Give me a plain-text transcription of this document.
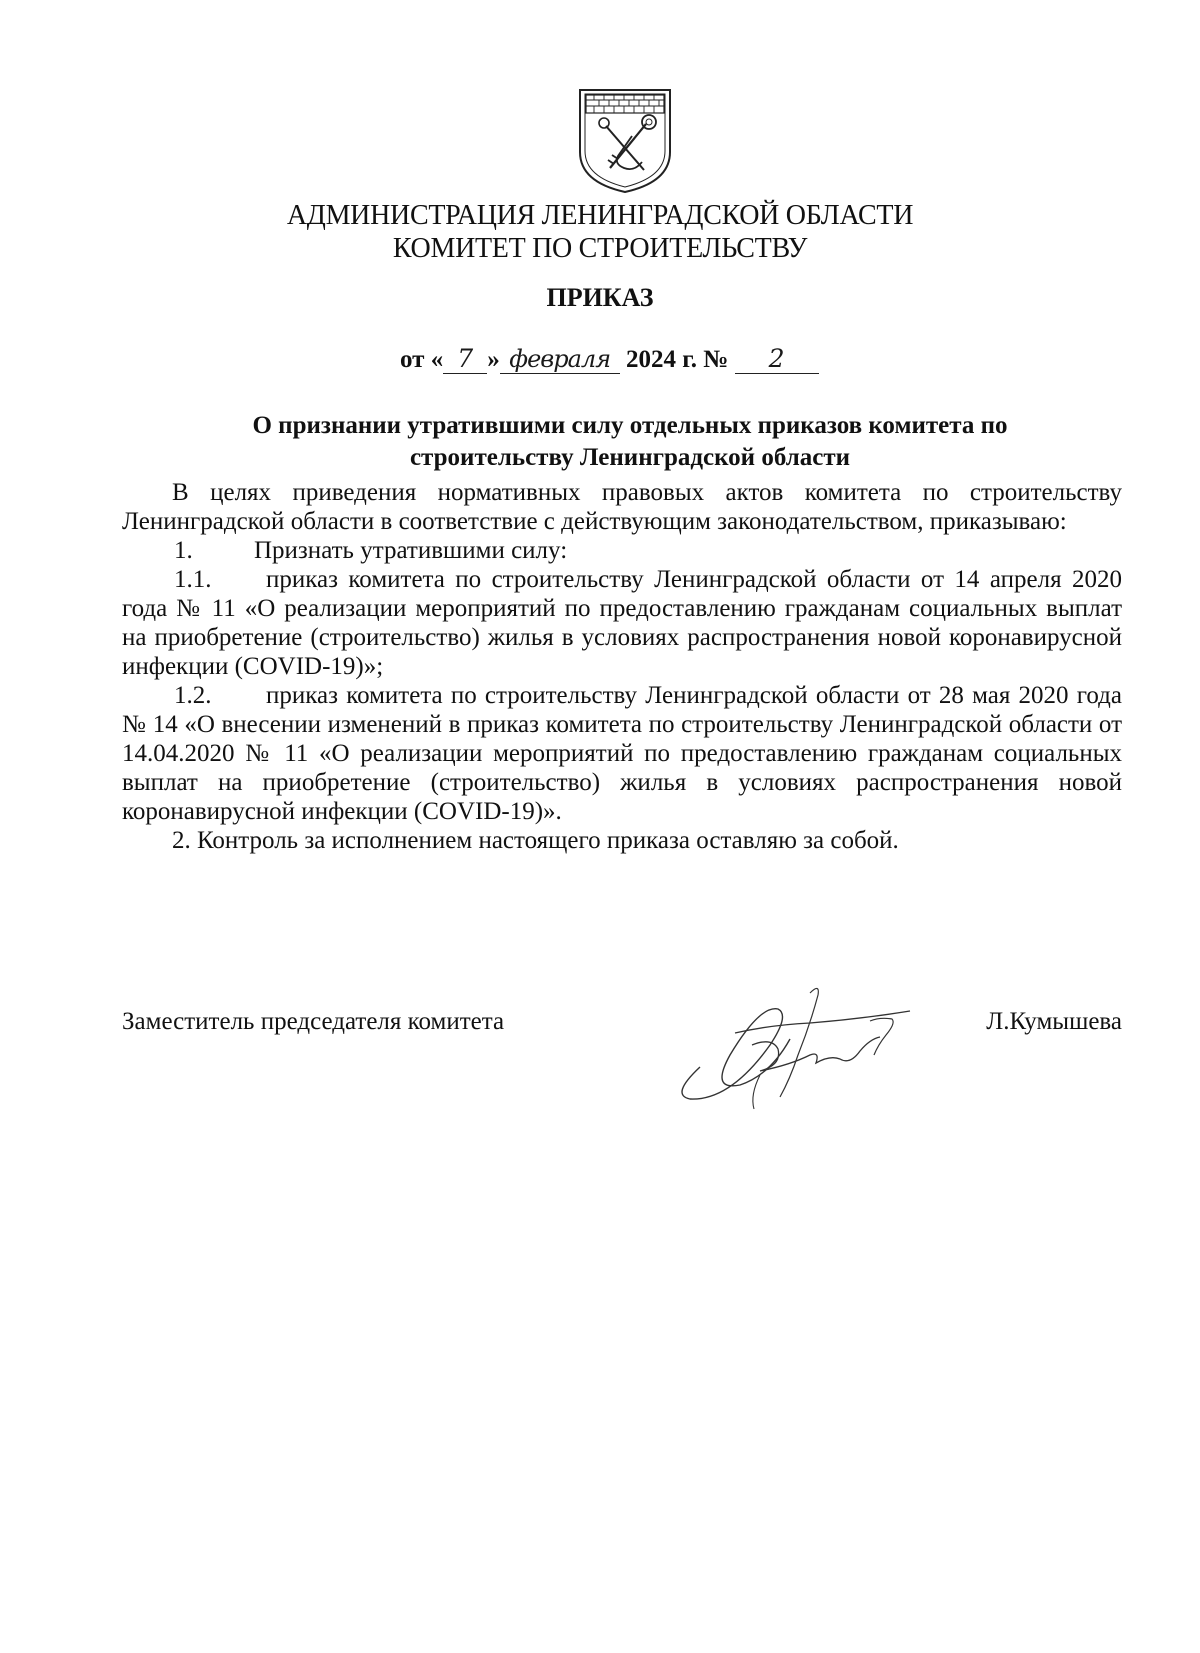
АДМИНИСТРАЦИЯ ЛЕНИНГРАДСКОЙ ОБЛАСТИ
КОМИТЕТ ПО СТРОИТЕЛЬСТВУ
ПРИКАЗ
от « 7 » февраля 2024 г. № 2
О признании утратившими силу отдельных приказов комитета по
строительству Ленинградской области

В целях приведения нормативных правовых актов комитета по строительству Ленинградской области в соответствие с действующим законодательством, приказываю:

1.	Признать утратившими силу:

1.1. приказ комитета по строительству Ленинградской области от 14 апреля 2020 года № 11 «О реализации мероприятий по предоставлению гражданам социальных выплат на приобретение (строительство) жилья в условиях распространения новой коронавирусной инфекции (COVID-19)»;

1.2. приказ комитета по строительству Ленинградской области от 28 мая 2020 года № 14 «О внесении изменений в приказ комитета по строительству Ленинградской области от 14.04.2020 № 11 «О реализации мероприятий по предоставлению гражданам социальных выплат на приобретение (строительство) жилья в условиях распространения новой коронавирусной инфекции (COVID-19)».

2. Контроль за исполнением настоящего приказа оставляю за собой.

Заместитель председателя комитета	Л.Кумышева
